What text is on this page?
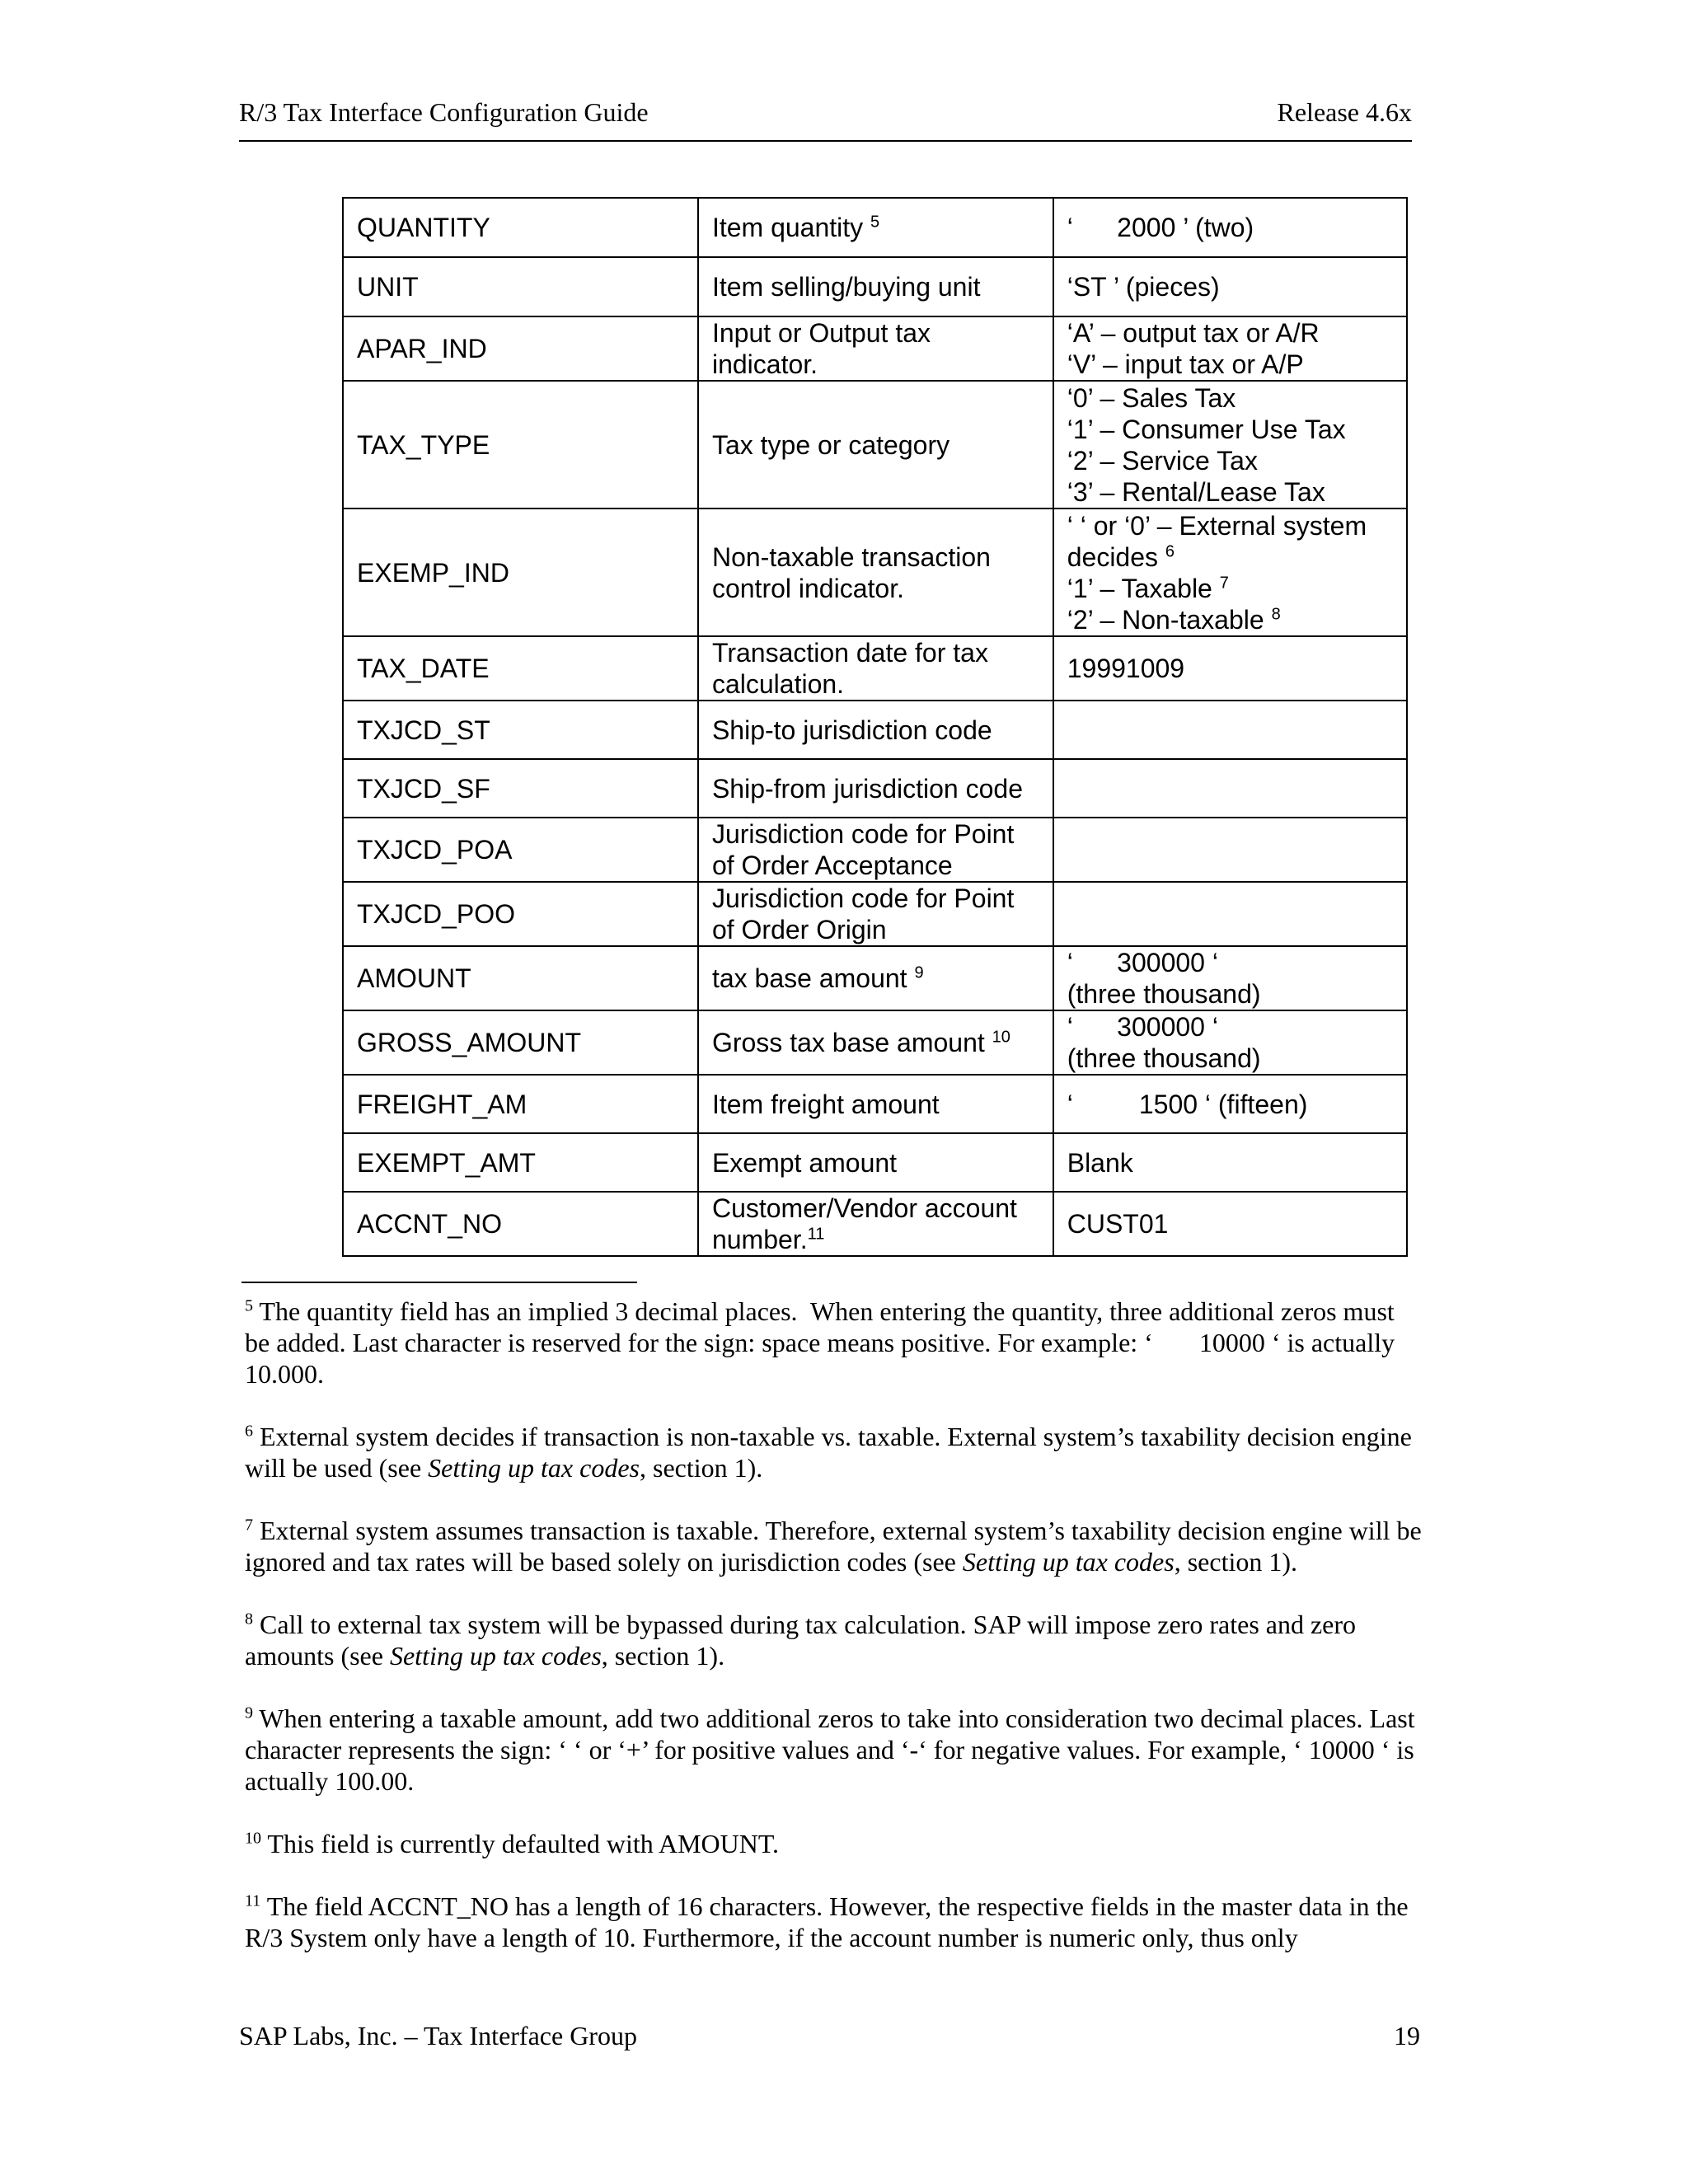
R/3 Tax Interface Configuration Guide	Release 4.6x
QUANTITY	Item quantity $^5$	‘      2000 ’ (two)
UNIT	Item selling/buying unit	‘ST ’ (pieces)
APAR_IND	Input or Output tax indicator.	‘A’ – output tax or A/R
‘V’ – input tax or A/P
TAX_TYPE	Tax type or category	‘0’ – Sales Tax
‘1’ – Consumer Use Tax
‘2’ – Service Tax
‘3’ – Rental/Lease Tax
EXEMP_IND	Non-taxable transaction control indicator.	‘ ‘ or ‘0’ – External system decides $^6$
‘1’ – Taxable $^7$
‘2’ – Non-taxable $^8$

TAX_DATE	Transaction date for tax calculation.	19991009
TXJCD_ST	Ship-to jurisdiction code	
TXJCD_SF	Ship-from jurisdiction code	
TXJCD_POA	Jurisdiction code for Point of Order Acceptance	
TXJCD_POO	Jurisdiction code for Point of Order Origin	
AMOUNT	tax base amount $^9$	‘      300000 ‘
(three thousand)
GROSS_AMOUNT	Gross tax base amount $^{10}$	‘      300000 ‘
(three thousand)
FREIGHT_AM	Item freight amount	‘         1500 ‘ (fifteen)
EXEMPT_AMT	Exempt amount	Blank
ACCNT_NO	Customer/Vendor account number.$^{11}$	CUST01

$^5$ The quantity field has an implied 3 decimal places.  When entering the quantity, three additional zeros must be added. Last character is reserved for the sign: space means positive. For example: ‘       10000 ‘ is actually 10.000.

$^6$ External system decides if transaction is non-taxable vs. taxable. External system’s taxability decision engine will be used (see Setting up tax codes, section 1).

$^7$ External system assumes transaction is taxable. Therefore, external system’s taxability decision engine will be ignored and tax rates will be based solely on jurisdiction codes (see Setting up tax codes, section 1).

$^8$ Call to external tax system will be bypassed during tax calculation. SAP will impose zero rates and zero amounts (see Setting up tax codes, section 1).

$^9$ When entering a taxable amount, add two additional zeros to take into consideration two decimal places. Last character represents the sign: ‘ ‘ or ‘+’ for positive values and ‘-‘ for negative values. For example, ‘ 10000 ‘ is actually 100.00.

$^{10}$ This field is currently defaulted with AMOUNT.

$^{11}$ The field ACCNT_NO has a length of 16 characters. However, the respective fields in the master data in the R/3 System only have a length of 10. Furthermore, if the account number is numeric only, thus only

SAP Labs, Inc. – Tax Interface Group	19
